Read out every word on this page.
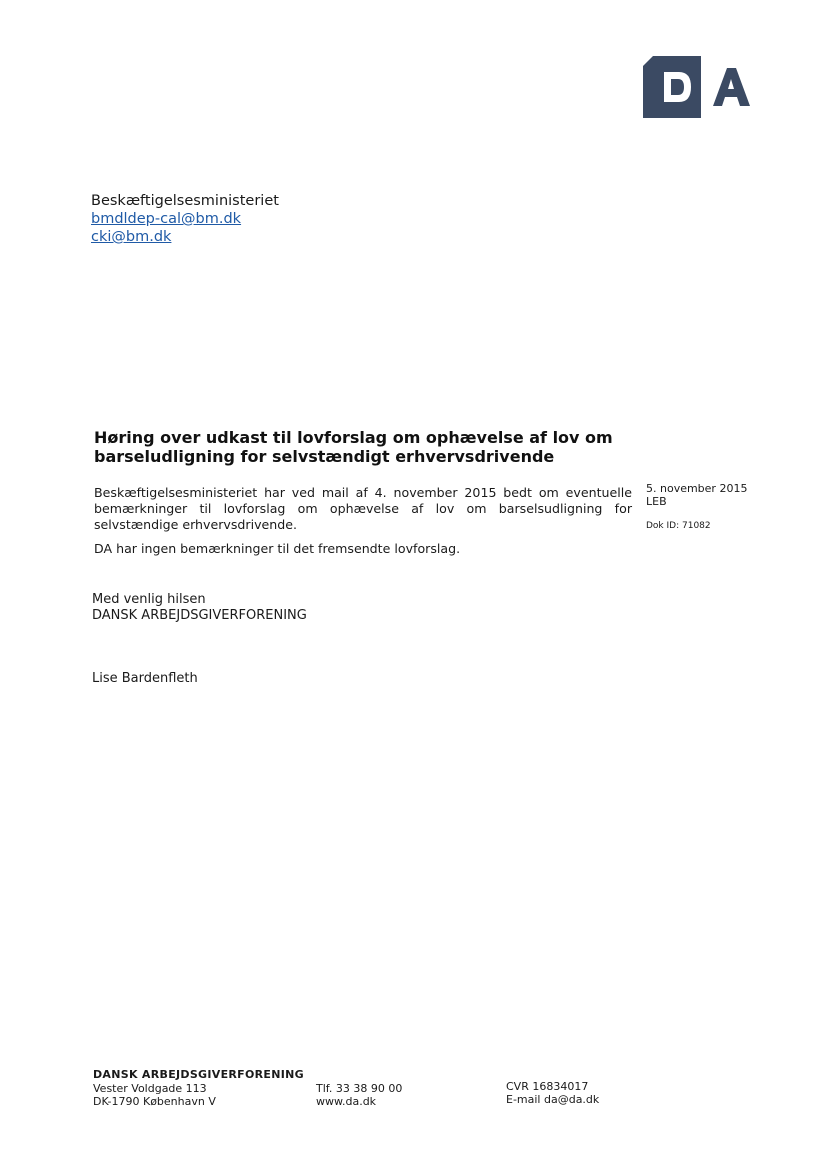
Beskæftigelsesministeriet
bmdldep-cal@bm.dk
cki@bm.dk
Høring over udkast til lovforslag om ophævelse af lov om
barseludligning for selvstændigt erhvervsdrivende
Beskæftigelsesministeriet har ved mail af 4. november 2015 bedt om eventuelle bemærkninger til lovforslag om ophævelse af lov om barselsudligning for selvstændige erhvervsdrivende.
DA har ingen bemærkninger til det fremsendte lovforslag.
5. november 2015
LEB
Dok ID: 71082
Med venlig hilsen
DANSK ARBEJDSGIVERFORENING
Lise Bardenfleth
DANSK ARBEJDSGIVERFORENING
Vester Voldgade 113
DK-1790 København V
Tlf. 33 38 90 00
www.da.dk
CVR 16834017
E-mail da@da.dk
